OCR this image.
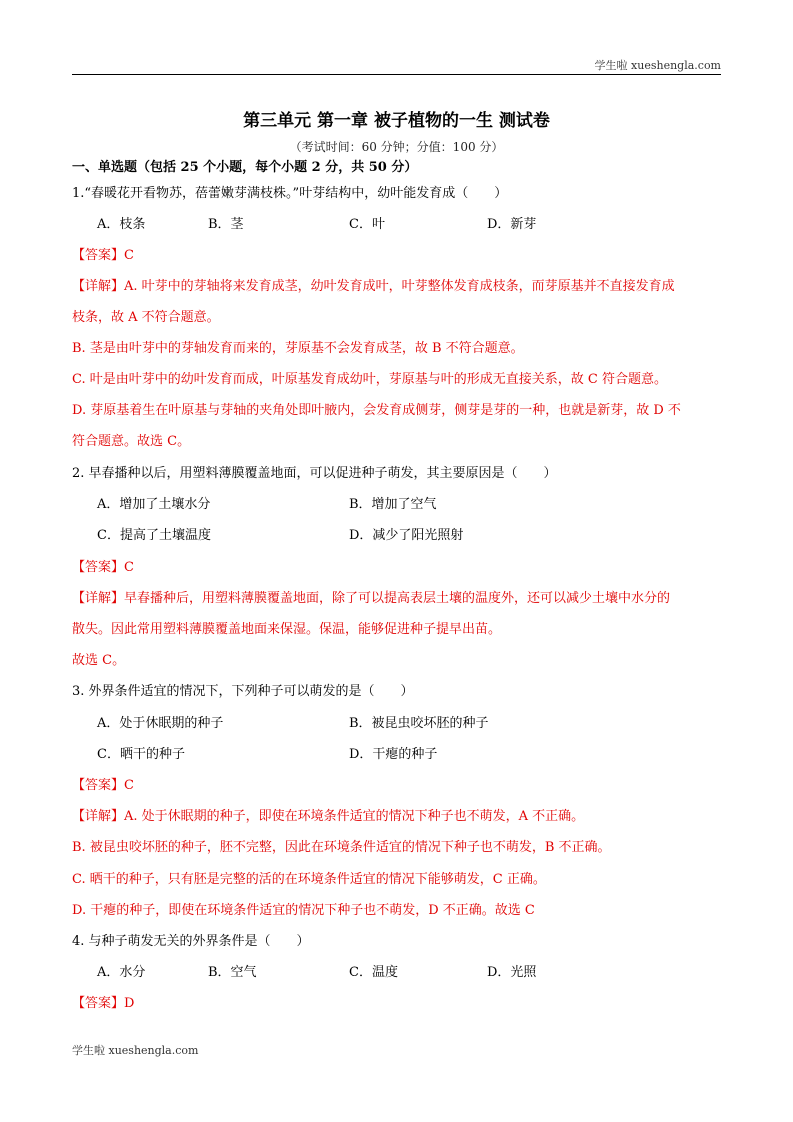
学生啦 xueshengla.com
第三单元 第一章 被子植物的一生 测试卷
（考试时间：60 分钟；分值：100 分）
一、单选题（包括 25 个小题，每个小题 2 分，共 50 分）
1.“春暖花开看物苏，蓓蕾嫩芽满枝株。”叶芽结构中，幼叶能发育成（　　）
A．枝条	B．茎	C．叶	D．新芽
【答案】C
【详解】A. 叶芽中的芽轴将来发育成茎，幼叶发育成叶，叶芽整体发育成枝条，而芽原基并不直接发育成
枝条，故 A 不符合题意。
B. 茎是由叶芽中的芽轴发育而来的，芽原基不会发育成茎，故 B 不符合题意。
C. 叶是由叶芽中的幼叶发育而成，叶原基发育成幼叶，芽原基与叶的形成无直接关系，故 C 符合题意。
D. 芽原基着生在叶原基与芽轴的夹角处即叶腋内，会发育成侧芽，侧芽是芽的一种，也就是新芽，故 D 不
符合题意。故选 C。
2. 早春播种以后，用塑料薄膜覆盖地面，可以促进种子萌发，其主要原因是（　　）
A．增加了土壤水分	B．增加了空气
C．提高了土壤温度	D．减少了阳光照射
【答案】C
【详解】早春播种后，用塑料薄膜覆盖地面，除了可以提高表层土壤的温度外，还可以减少土壤中水分的
散失。因此常用塑料薄膜覆盖地面来保湿。保温，能够促进种子提早出苗。
故选 C。
3. 外界条件适宜的情况下，下列种子可以萌发的是（　　）
A．处于休眠期的种子	B．被昆虫咬坏胚的种子
C．晒干的种子	D．干瘪的种子
【答案】C
【详解】A. 处于休眠期的种子，即使在环境条件适宜的情况下种子也不萌发，A 不正确。
B. 被昆虫咬坏胚的种子，胚不完整，因此在环境条件适宜的情况下种子也不萌发，B 不正确。
C. 晒干的种子，只有胚是完整的活的在环境条件适宜的情况下能够萌发，C 正确。
D. 干瘪的种子，即使在环境条件适宜的情况下种子也不萌发，D 不正确。故选 C
4. 与种子萌发无关的外界条件是（　　）
A．水分	B．空气	C．温度	D．光照
【答案】D
学生啦 xueshengla.com
